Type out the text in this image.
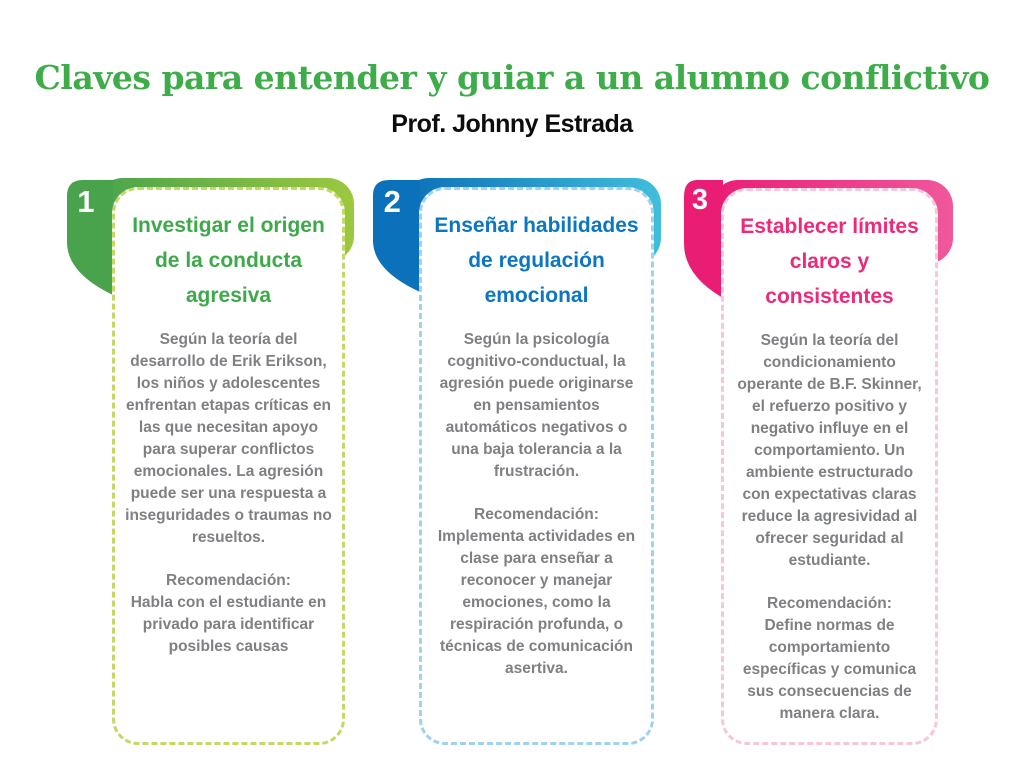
Claves para entender y guiar a un alumno conflictivo
Prof. Johnny Estrada
1
Investigar el origen de la conducta agresiva

Según la teoría del desarrollo de Erik Erikson, los niños y adolescentes enfrentan etapas críticas en las que necesitan apoyo para superar conflictos emocionales. La agresión puede ser una respuesta a inseguridades o traumas no resueltos.

Recomendación:
Habla con el estudiante en privado para identificar posibles causas

2
Enseñar habilidades de regulación emocional

Según la psicología cognitivo-conductual, la agresión puede originarse en pensamientos automáticos negativos o una baja tolerancia a la frustración.

Recomendación:
Implementa actividades en clase para enseñar a reconocer y manejar emociones, como la respiración profunda, o técnicas de comunicación asertiva.

3
Establecer límites claros y consistentes

Según la teoría del condicionamiento operante de B.F. Skinner, el refuerzo positivo y negativo influye en el comportamiento. Un ambiente estructurado con expectativas claras reduce la agresividad al ofrecer seguridad al estudiante.

Recomendación:
Define normas de comportamiento específicas y comunica sus consecuencias de manera clara.
